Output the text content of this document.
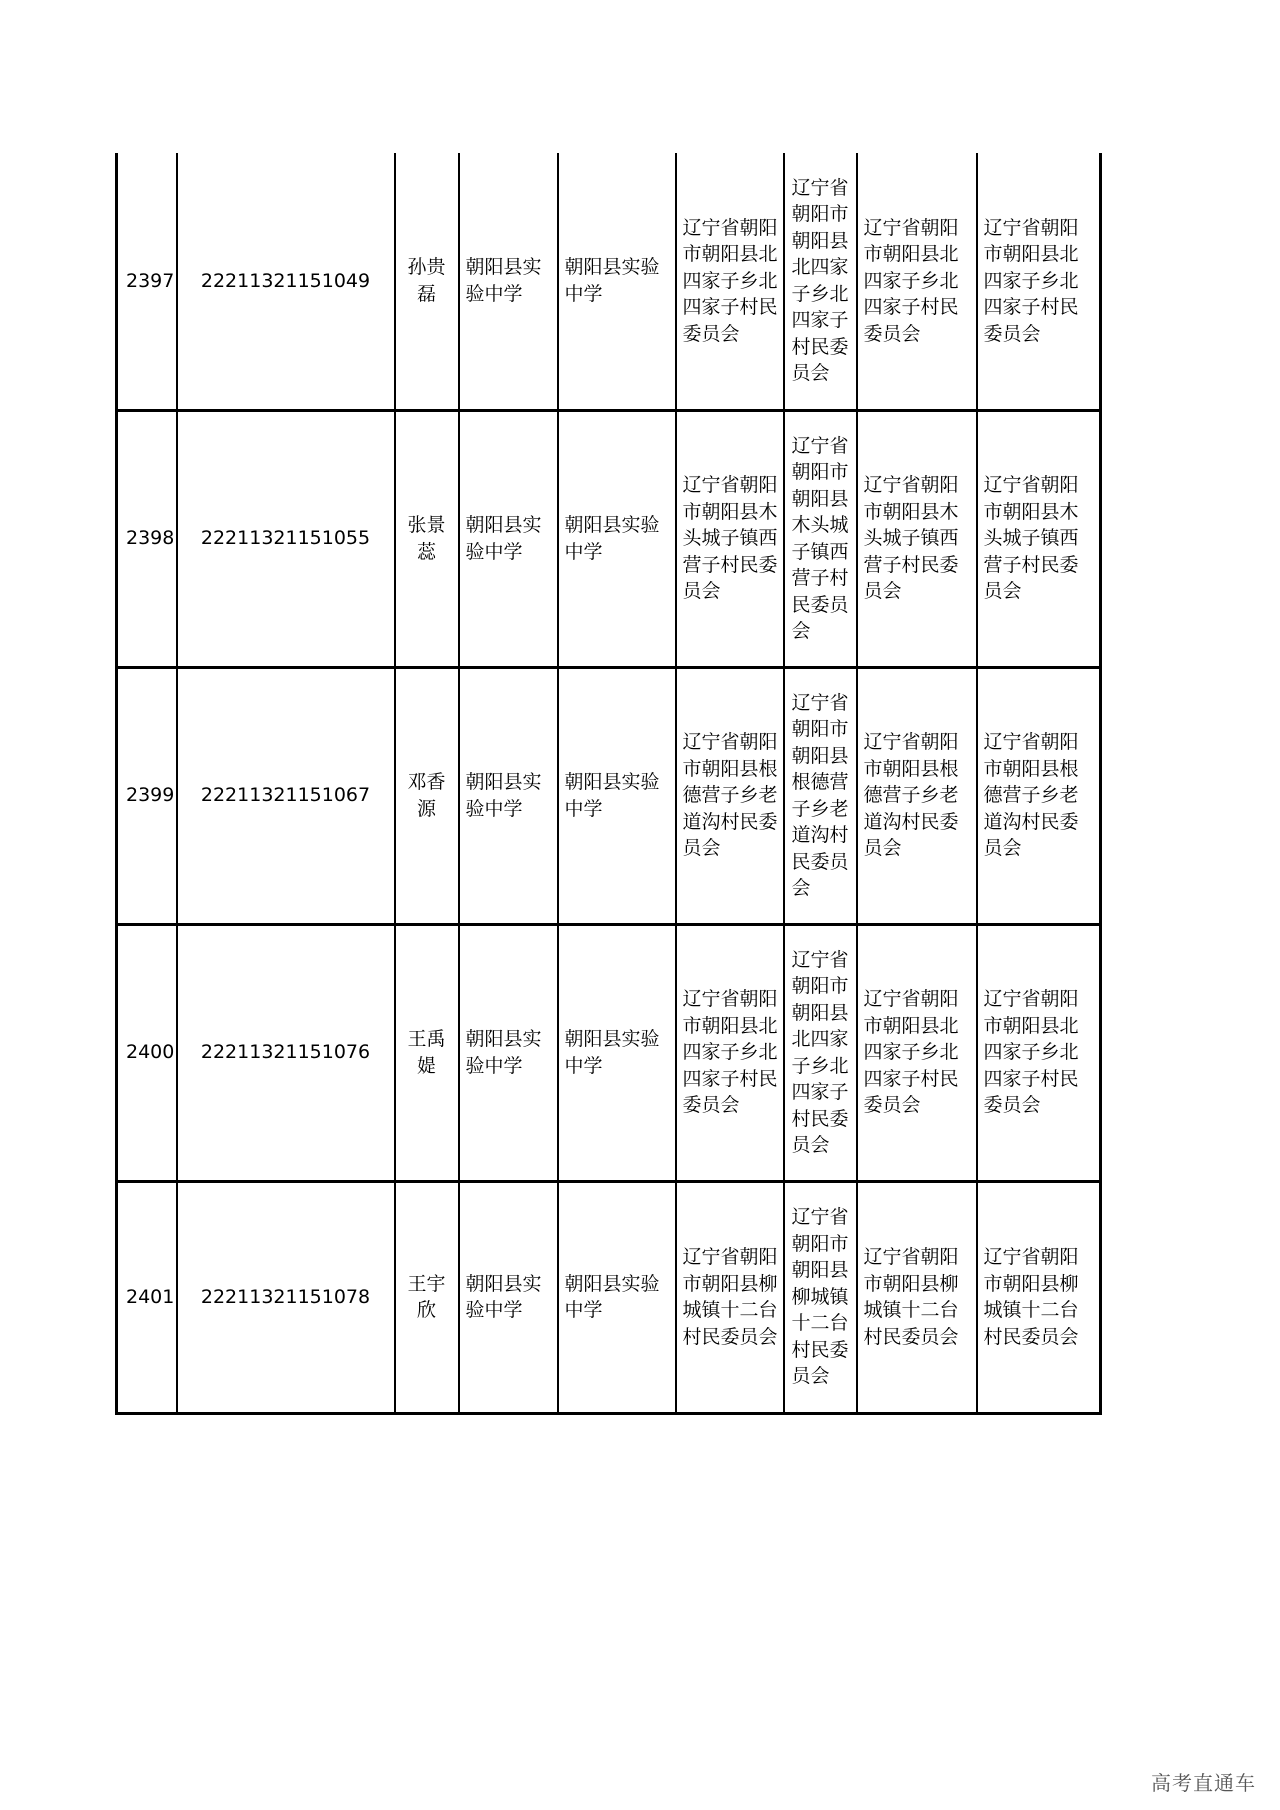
2397	22211321151049	孙贵磊	朝阳县实验中学	朝阳县实验中学	辽宁省朝阳市朝阳县北四家子乡北四家子村民委员会	辽宁省朝阳市朝阳县北四家子乡北四家子村民委员会	辽宁省朝阳市朝阳县北四家子乡北四家子村民委员会	辽宁省朝阳市朝阳县北四家子乡北四家子村民委员会
2398	22211321151055	张景蕊	朝阳县实验中学	朝阳县实验中学	辽宁省朝阳市朝阳县木头城子镇西营子村民委员会	辽宁省朝阳市朝阳县木头城子镇西营子村民委员会	辽宁省朝阳市朝阳县木头城子镇西营子村民委员会	辽宁省朝阳市朝阳县木头城子镇西营子村民委员会
2399	22211321151067	邓香源	朝阳县实验中学	朝阳县实验中学	辽宁省朝阳市朝阳县根德营子乡老道沟村民委员会	辽宁省朝阳市朝阳县根德营子乡老道沟村民委员会	辽宁省朝阳市朝阳县根德营子乡老道沟村民委员会	辽宁省朝阳市朝阳县根德营子乡老道沟村民委员会
2400	22211321151076	王禹媞	朝阳县实验中学	朝阳县实验中学	辽宁省朝阳市朝阳县北四家子乡北四家子村民委员会	辽宁省朝阳市朝阳县北四家子乡北四家子村民委员会	辽宁省朝阳市朝阳县北四家子乡北四家子村民委员会	辽宁省朝阳市朝阳县北四家子乡北四家子村民委员会
2401	22211321151078	王宇欣	朝阳县实验中学	朝阳县实验中学	辽宁省朝阳市朝阳县柳城镇十二台村民委员会	辽宁省朝阳市朝阳县柳城镇十二台村民委员会	辽宁省朝阳市朝阳县柳城镇十二台村民委员会	辽宁省朝阳市朝阳县柳城镇十二台村民委员会
高考直通车
